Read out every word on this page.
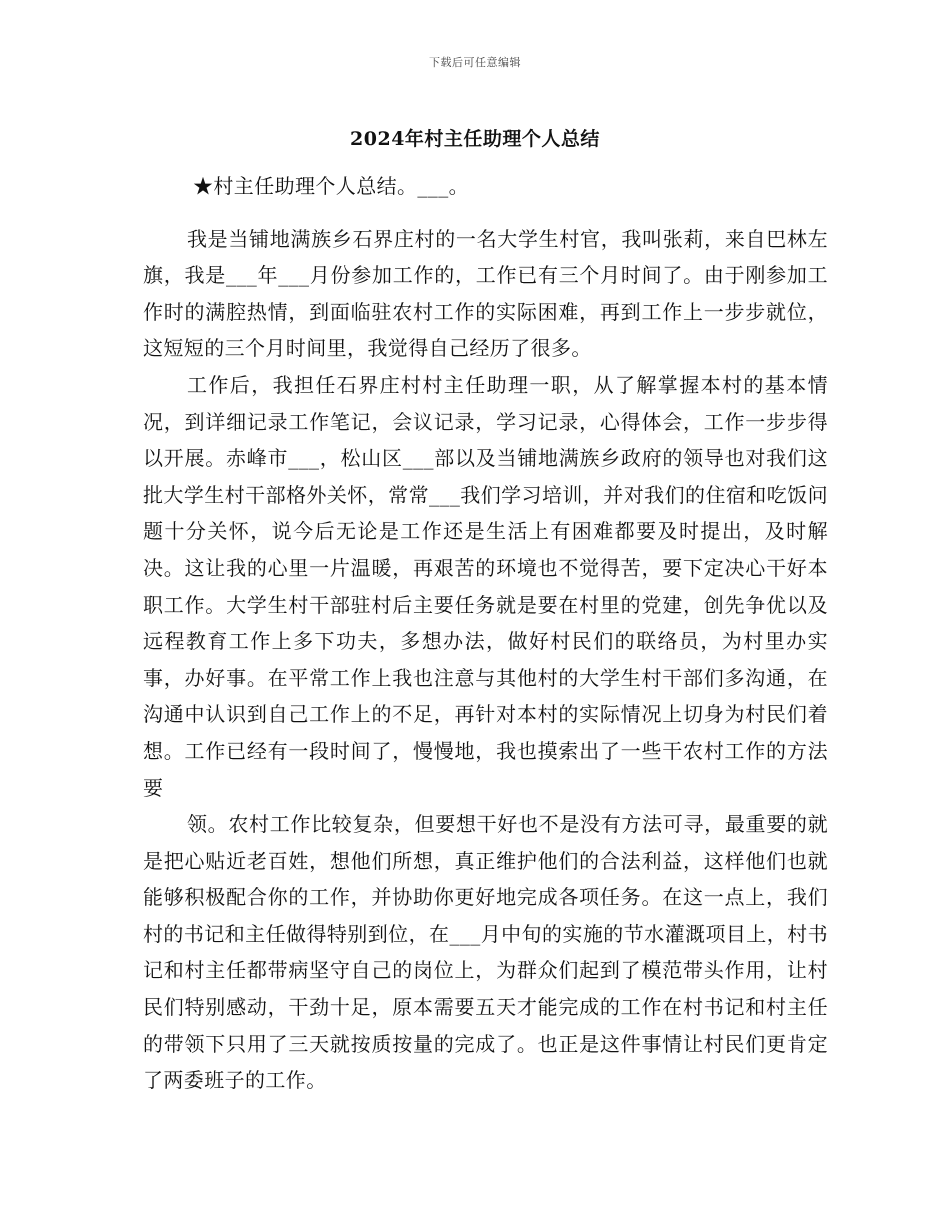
下载后可任意编辑
2024年村主任助理个人总结

★村主任助理个人总结。___。

我是当铺地满族乡石界庄村的一名大学生村官，我叫张莉，来自巴林左旗，我是___年___月份参加工作的，工作已有三个月时间了。由于刚参加工作时的满腔热情，到面临驻农村工作的实际困难，再到工作上一步步就位，这短短的三个月时间里，我觉得自己经历了很多。

工作后，我担任石界庄村村主任助理一职，从了解掌握本村的基本情况，到详细记录工作笔记，会议记录，学习记录，心得体会，工作一步步得以开展。赤峰市___，松山区___部以及当铺地满族乡政府的领导也对我们这批大学生村干部格外关怀，常常___我们学习培训，并对我们的住宿和吃饭问题十分关怀，说今后无论是工作还是生活上有困难都要及时提出，及时解决。这让我的心里一片温暖，再艰苦的环境也不觉得苦，要下定决心干好本职工作。大学生村干部驻村后主要任务就是要在村里的党建，创先争优以及远程教育工作上多下功夫，多想办法，做好村民们的联络员，为村里办实事，办好事。在平常工作上我也注意与其他村的大学生村干部们多沟通，在沟通中认识到自己工作上的不足，再针对本村的实际情况上切身为村民们着想。工作已经有一段时间了，慢慢地，我也摸索出了一些干农村工作的方法要

领。农村工作比较复杂，但要想干好也不是没有方法可寻，最重要的就是把心贴近老百姓，想他们所想，真正维护他们的合法利益，这样他们也就能够积极配合你的工作，并协助你更好地完成各项任务。在这一点上，我们村的书记和主任做得特别到位，在___月中旬的实施的节水灌溉项目上，村书记和村主任都带病坚守自己的岗位上，为群众们起到了模范带头作用，让村民们特别感动，干劲十足，原本需要五天才能完成的工作在村书记和村主任的带领下只用了三天就按质按量的完成了。也正是这件事情让村民们更肯定了两委班子的工作。
